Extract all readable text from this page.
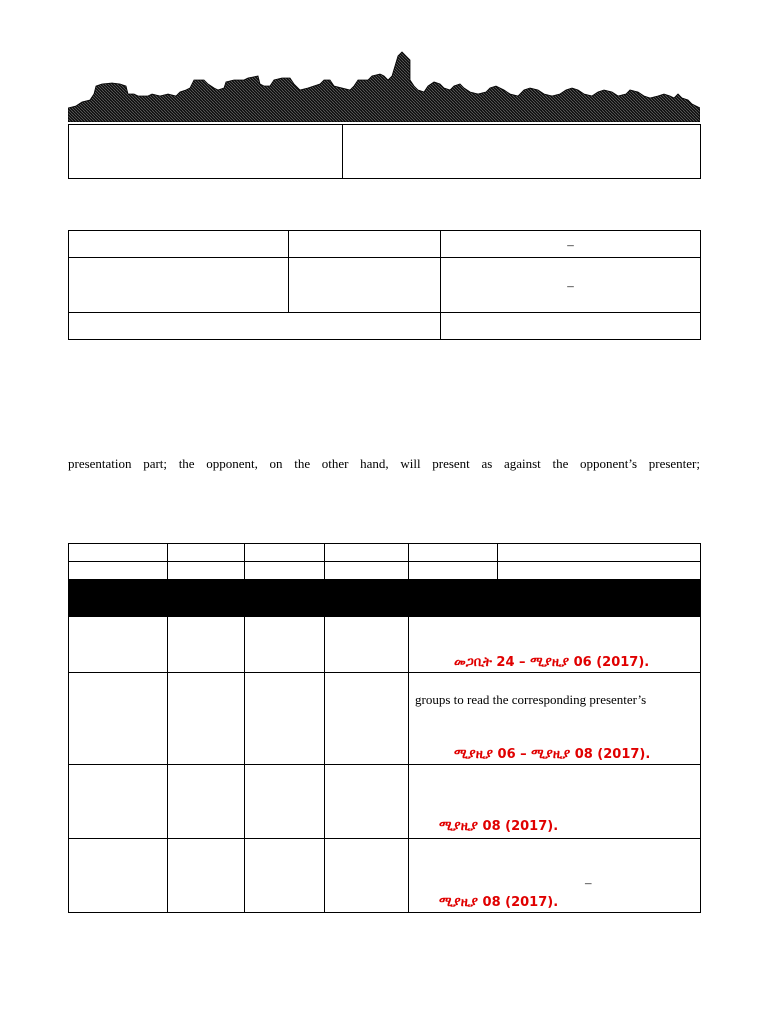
		–

		–

presentation part; the opponent, on the other hand, will present as against the opponent’s presenter;

				መጋቢት 24 – ሚያዚያ 06 (2017).	

				groups to read the corresponding presenter’s
ሚያዚያ 06 – ሚያዚያ 08 (2017).	

				ሚያዚያ 08 (2017).	

				–
ሚያዚያ 08 (2017).	
